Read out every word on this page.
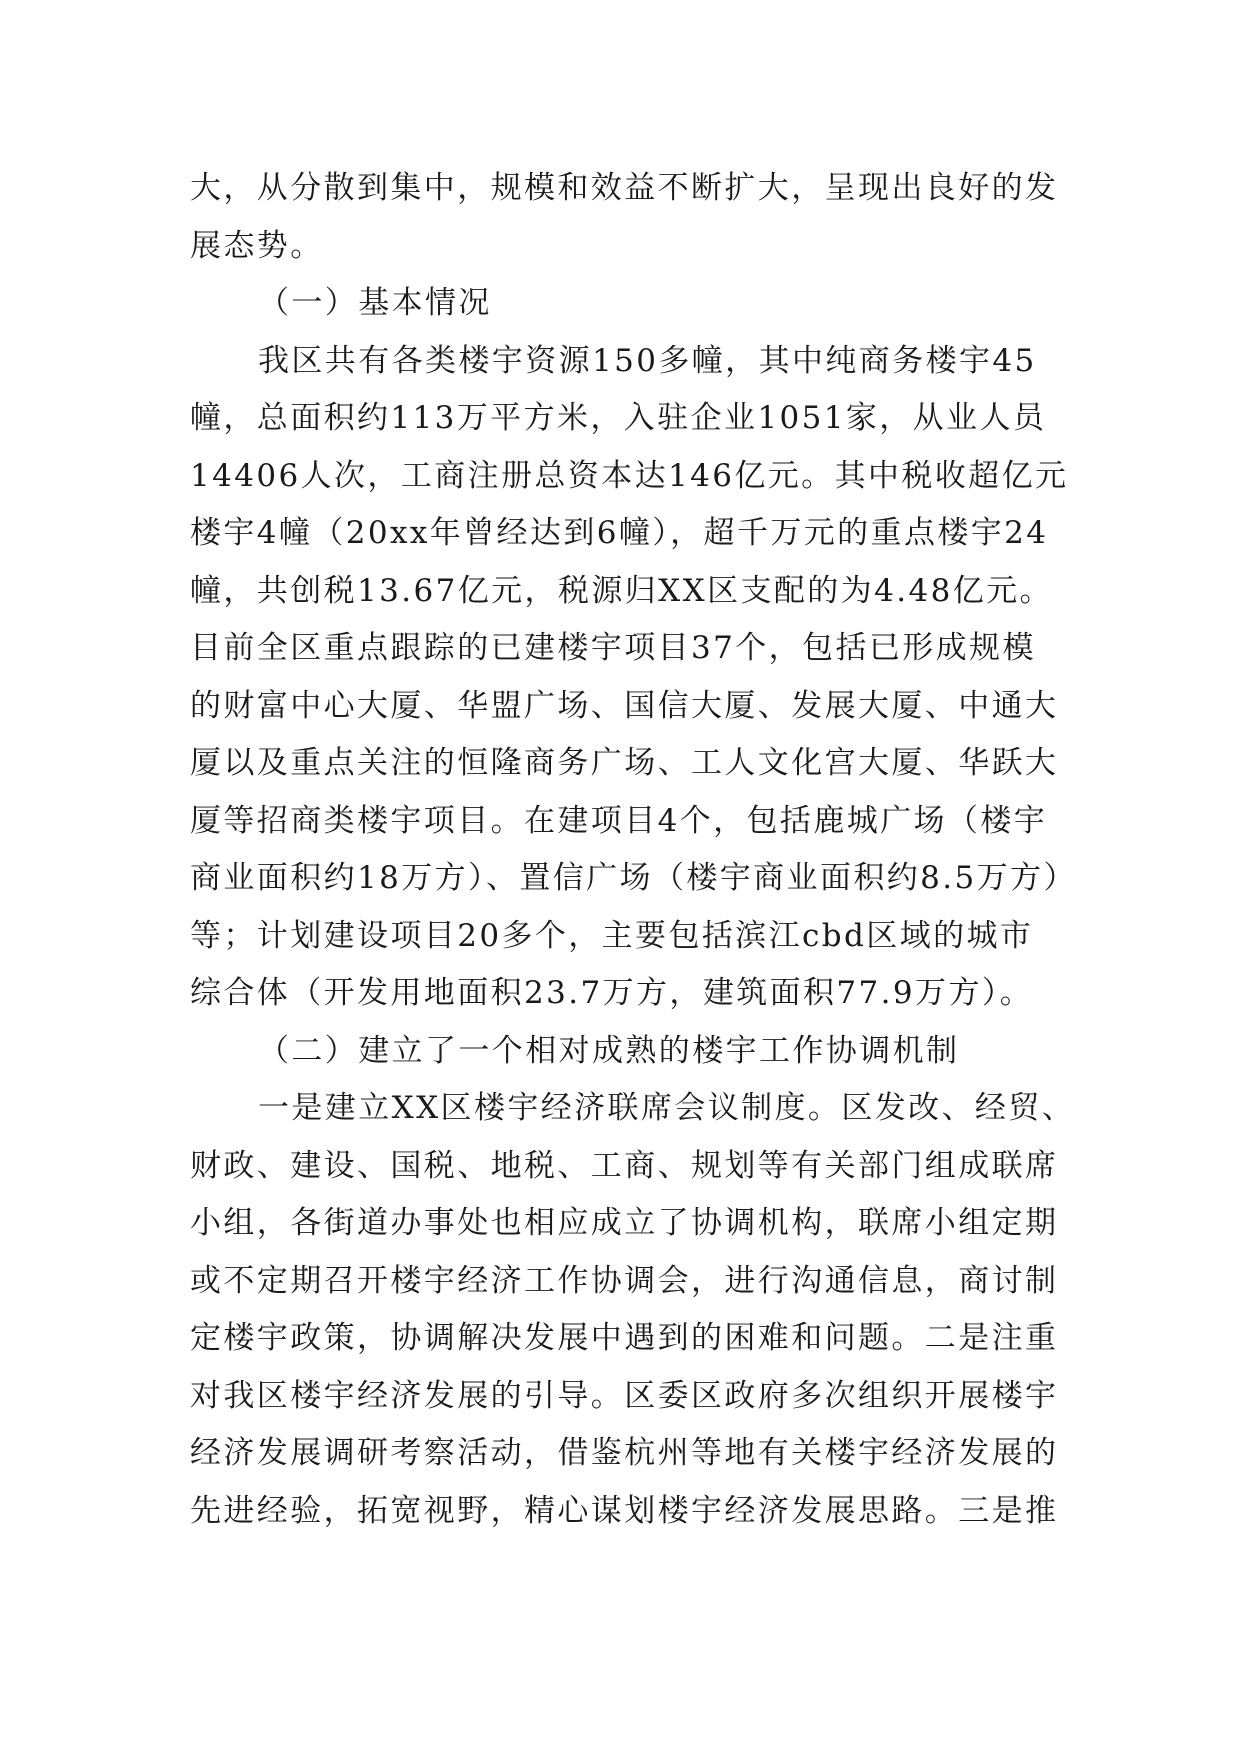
大，从分散到集中，规模和效益不断扩大，呈现出良好的发
展态势。
（一）基本情况
我区共有各类楼宇资源150多幢，其中纯商务楼宇45
幢，总面积约113万平方米，入驻企业1051家，从业人员
14406人次，工商注册总资本达146亿元。其中税收超亿元
楼宇4幢（20xx年曾经达到6幢），超千万元的重点楼宇24
幢，共创税13.67亿元，税源归XX区支配的为4.48亿元。
目前全区重点跟踪的已建楼宇项目37个，包括已形成规模
的财富中心大厦、华盟广场、国信大厦、发展大厦、中通大
厦以及重点关注的恒隆商务广场、工人文化宫大厦、华跃大
厦等招商类楼宇项目。在建项目4个，包括鹿城广场（楼宇
商业面积约18万方）、置信广场（楼宇商业面积约8.5万方）
等；计划建设项目20多个，主要包括滨江cbd区域的城市
综合体（开发用地面积23.7万方，建筑面积77.9万方）。
（二）建立了一个相对成熟的楼宇工作协调机制
一是建立XX区楼宇经济联席会议制度。区发改、经贸、
财政、建设、国税、地税、工商、规划等有关部门组成联席
小组，各街道办事处也相应成立了协调机构，联席小组定期
或不定期召开楼宇经济工作协调会，进行沟通信息，商讨制
定楼宇政策，协调解决发展中遇到的困难和问题。二是注重
对我区楼宇经济发展的引导。区委区政府多次组织开展楼宇
经济发展调研考察活动，借鉴杭州等地有关楼宇经济发展的
先进经验，拓宽视野，精心谋划楼宇经济发展思路。三是推
